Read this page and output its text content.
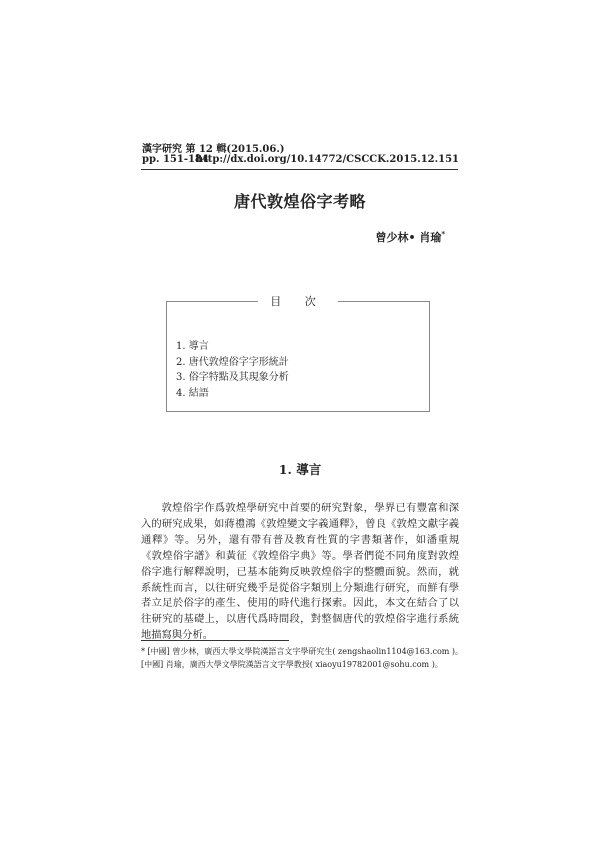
漢字研究 第 12 輯(2015.06.)
pp. 151-184
http://dx.doi.org/10.14772/CSCCK.2015.12.151
唐代敦煌俗字考略
曾少林• 肖瑜*
目 次
1. 導言
2. 唐代敦煌俗字字形統計
3. 俗字特點及其現象分析
4. 結語
1. 導言

敦煌俗字作爲敦煌學研究中首要的研究對象，學界已有豐富和深入的研究成果，如蔣禮鴻《敦煌變文字義通釋》，曾良《敦煌文獻字義通釋》等。另外，還有帶有普及教育性質的字書類著作，如潘重規《敦煌俗字譜》和黃征《敦煌俗字典》等。學者們從不同角度對敦煌俗字進行解釋說明，已基本能夠反映敦煌俗字的整體面貌。然而，就系統性而言，以往研究幾乎是從俗字類別上分類進行研究，而鮮有學者立足於俗字的產生、使用的時代進行探索。因此，本文在結合了以往研究的基礎上，以唐代爲時間段，對整個唐代的敦煌俗字進行系統地描寫與分析。

* [中國] 曾少林，廣西大學文學院漢語言文字學研究生( zengshaolin1104@163.com )。
[中國] 肖瑜，廣西大學文學院漢語言文字學教授( xiaoyu19782001@sohu.com )。
